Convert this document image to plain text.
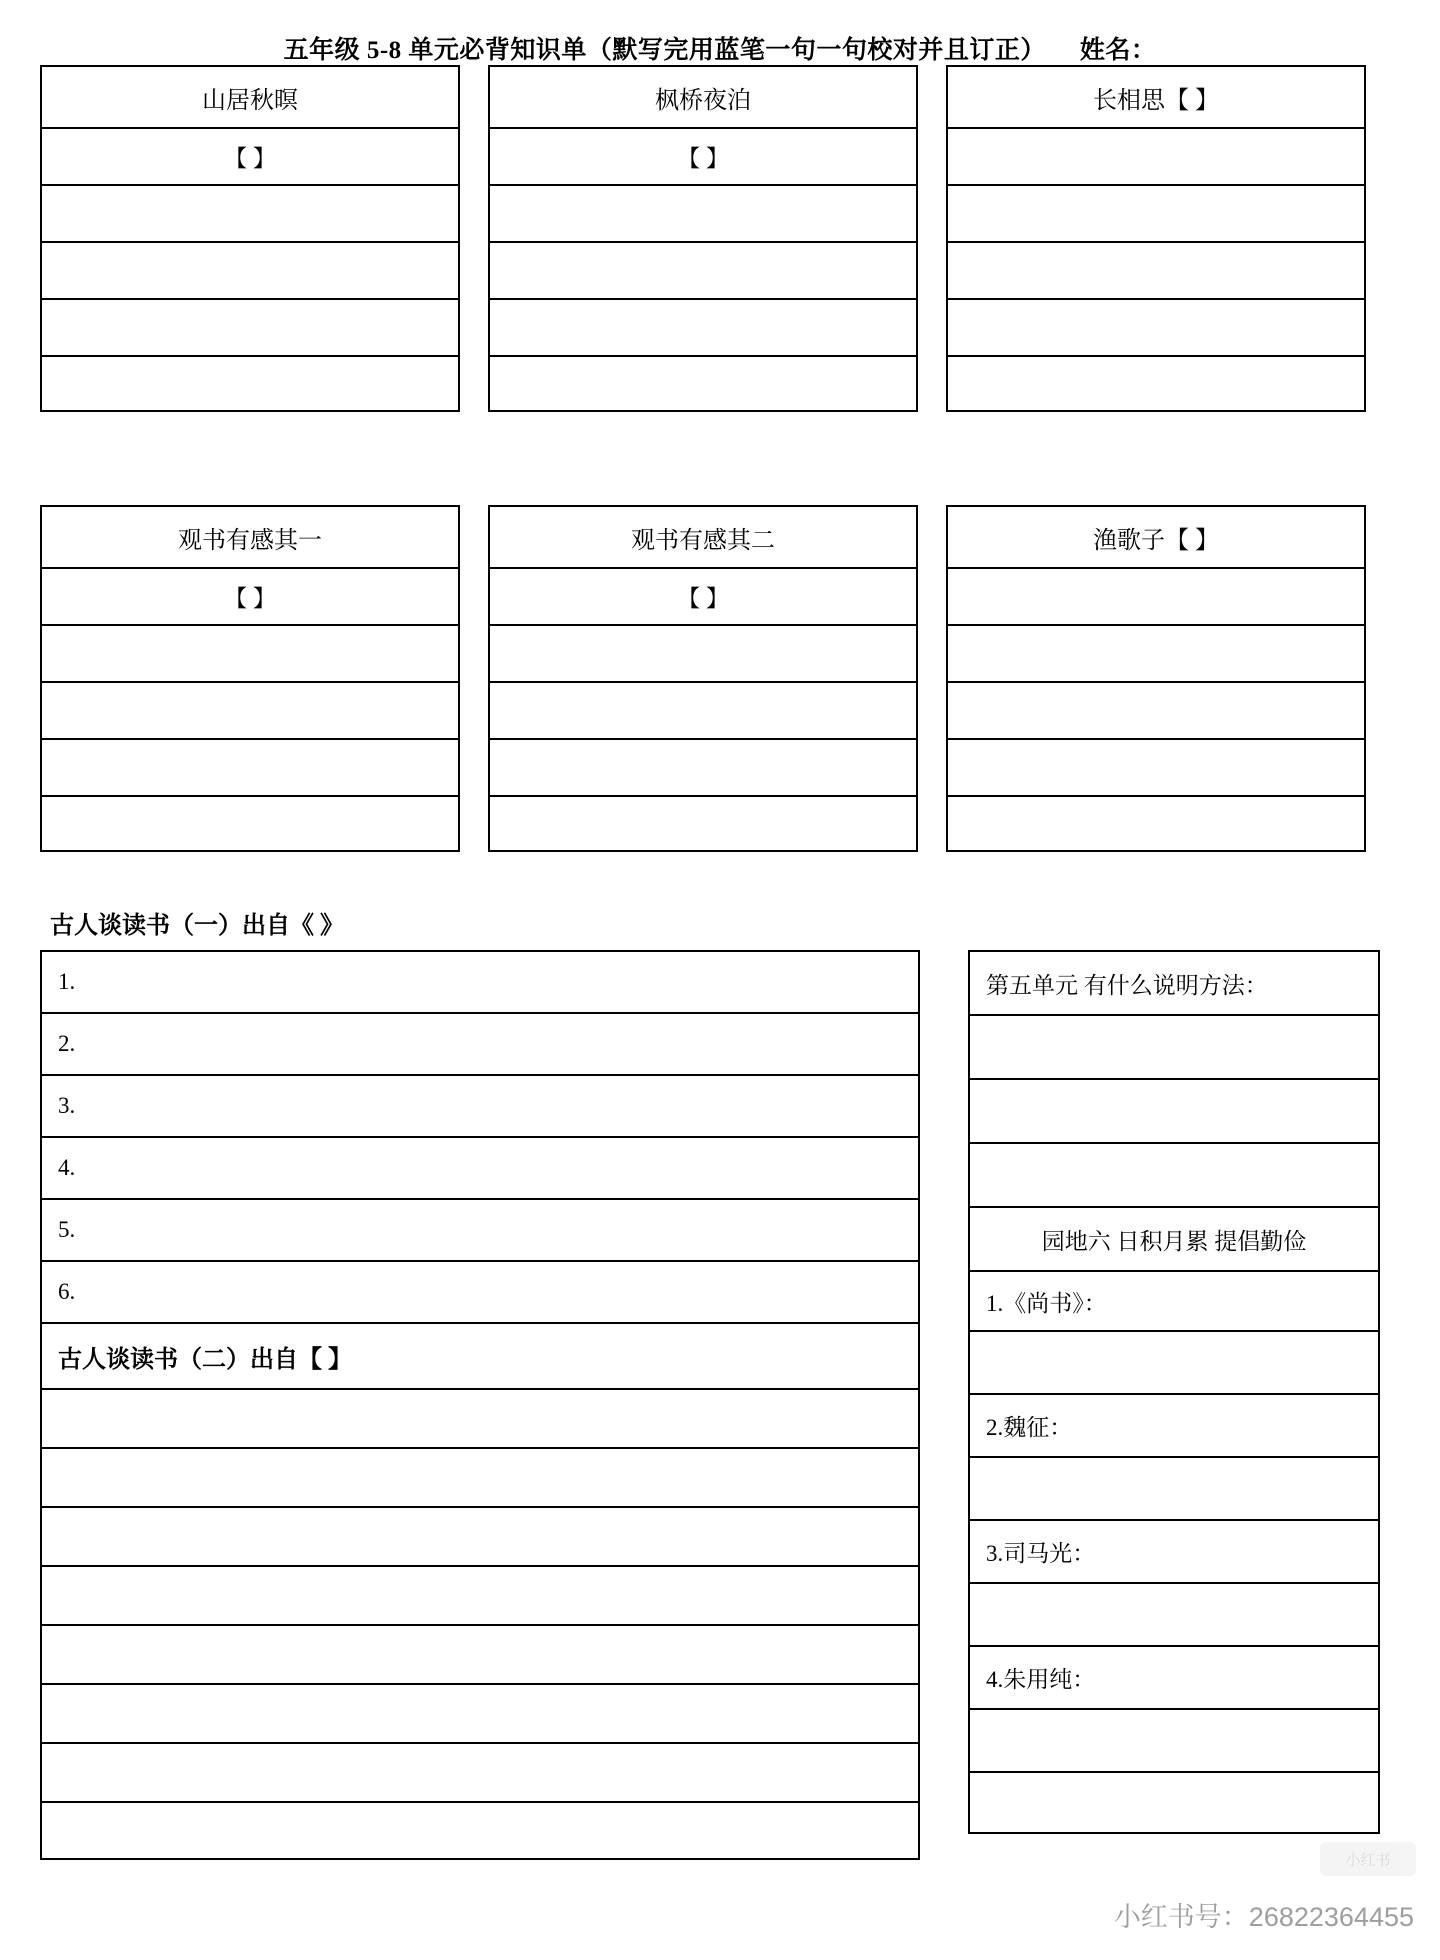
五年级 5-8 单元必背知识单（默写完用蓝笔一句一句校对并且订正） 姓名：
山居秋暝
【 】
枫桥夜泊
【 】
长相思【 】
观书有感其一
【 】
观书有感其二
【 】
渔歌子【 】
古人谈读书（一）出自《 》
1.
2.
3.
4.
5.
6.
古人谈读书（二）出自【 】
第五单元 有什么说明方法：
园地六 日积月累 提倡勤俭
1.《尚书》：
2.魏征：
3.司马光：
4.朱用纯：
小红书
小红书号：26822364455
